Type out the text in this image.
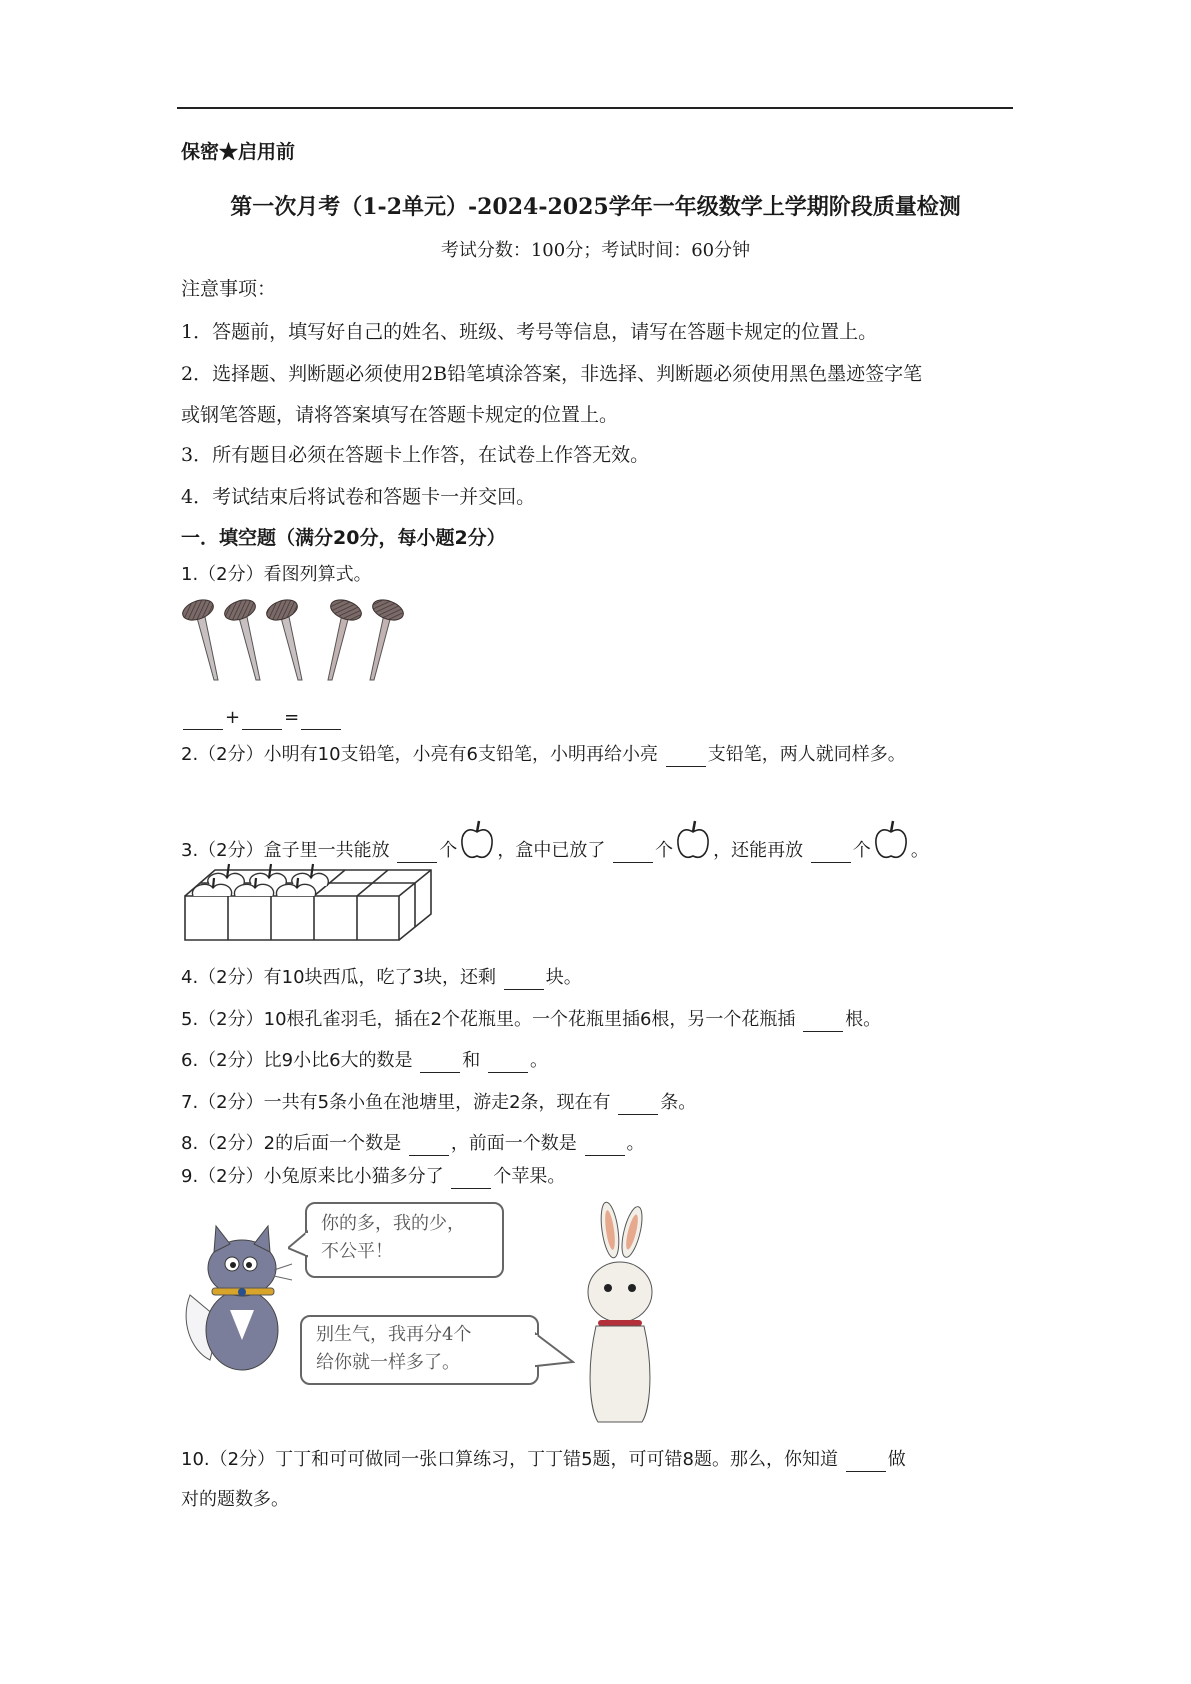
保密★启用前
第一次月考（1-2单元）-2024-2025学年一年级数学上学期阶段质量检测
考试分数：100分；考试时间：60分钟
注意事项：
1．答题前，填写好自己的姓名、班级、考号等信息，请写在答题卡规定的位置上。
2．选择题、判断题必须使用2B铅笔填涂答案，非选择、判断题必须使用黑色墨迹签字笔
或钢笔答题，请将答案填写在答题卡规定的位置上。
3．所有题目必须在答题卡上作答，在试卷上作答无效。
4．考试结束后将试卷和答题卡一并交回。
一．填空题（满分20分，每小题2分）
1.（2分）看图列算式。
+ =
2.（2分）小明有10支铅笔，小亮有6支铅笔，小明再给小亮 支铅笔，两人就同样多。
3.（2分）盒子里一共能放 个 ，盒中已放了 个 ，还能再放 个 。
4.（2分）有10块西瓜，吃了3块，还剩 块。
5.（2分）10根孔雀羽毛，插在2个花瓶里。一个花瓶里插6根，另一个花瓶插 根。
6.（2分）比9小比6大的数是 和 。
7.（2分）一共有5条小鱼在池塘里，游走2条，现在有 条。
8.（2分）2的后面一个数是 ，前面一个数是 。
9.（2分）小兔原来比小猫多分了 个苹果。
你的多，我的少，
不公平！
别生气，我再分4个
给你就一样多了。
10.（2分）丁丁和可可做同一张口算练习，丁丁错5题，可可错8题。那么，你知道 做
对的题数多。
